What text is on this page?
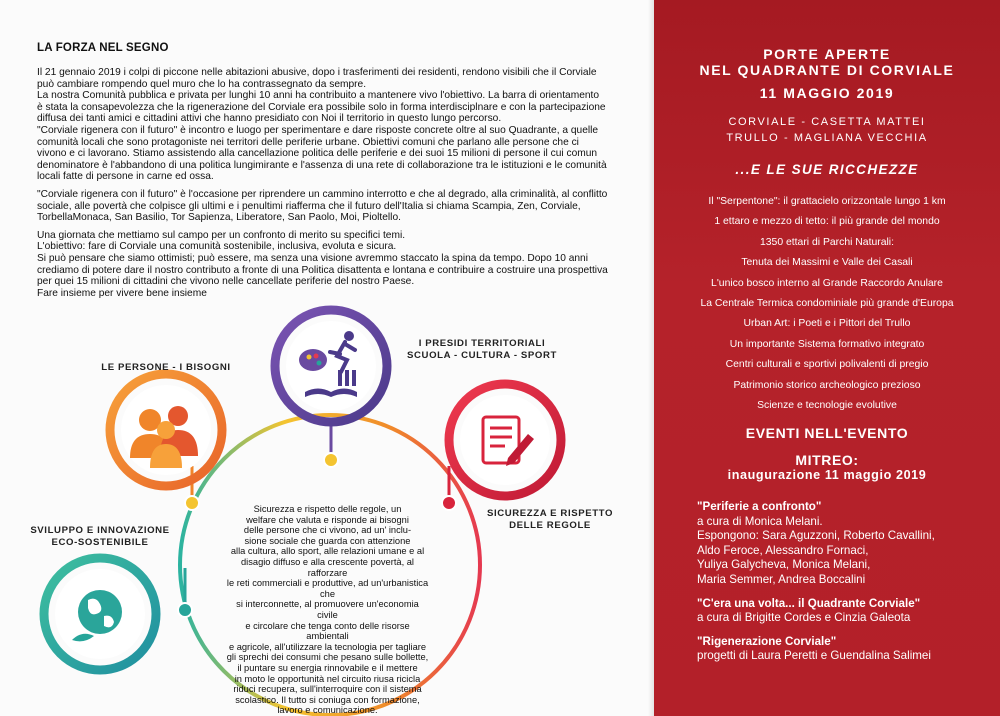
LA FORZA NEL SEGNO

Il 21 gennaio 2019 i colpi di piccone nelle abitazioni abusive, dopo i trasferimenti dei residenti, rendono visibili che il Corviale
può cambiare rompendo quel muro che lo ha contrassegnato da sempre.
La nostra Comunità pubblica e privata per lunghi 10 anni ha contribuito a mantenere vivo l'obiettivo. La barra di orientamento
è stata la consapevolezza che la rigenerazione del Corviale era possibile solo in forma interdisciplnare e con la partecipazione
diffusa dei tanti amici e cittadini attivi che hanno presidiato con Noi il territorio in questo lungo percorso.
"Corviale rigenera con il futuro" è incontro e luogo per sperimentare e dare risposte concrete oltre al suo Quadrante, a quelle
comunità locali che sono protagoniste nei territori delle periferie urbane. Obiettivi comuni che parlano alle persone che ci
vivono e ci lavorano. Stiamo assistendo alla cancellazione politica delle periferie e dei suoi 15 milioni di persone il cui comun
denominatore è l'abbandono di una politica lungimirante e l'assenza di una rete di collaborazione tra le istituzioni e le comunità
locali fatte di persone in carne ed ossa.

"Corviale rigenera con il futuro" è l'occasione per riprendere un cammino interrotto e che al degrado, alla criminalità, al conflitto
sociale, alle povertà che colpisce gli ultimi e i penultimi riafferma che il futuro dell'Italia si chiama Scampia, Zen, Corviale,
TorbellaMonaca, San Basilio, Tor Sapienza, Liberatore, San Paolo, Moi, Pioltello.

Una giornata che mettiamo sul campo per un confronto di merito su specifici temi.
L'obiettivo: fare di Corviale una comunità sostenibile, inclusiva, evoluta e sicura.
Si può pensare che siamo ottimisti; può essere, ma senza una visione avremmo staccato la spina da tempo. Dopo 10 anni
crediamo di potere dare il nostro contributo a fronte di una Politica disattenta e lontana e contribuire a costruire una prospettiva
per quei 15 milioni di cittadini che vivono nelle cancellate periferie del nostro Paese.
Fare insieme per vivere bene insieme

LE PERSONE - I BISOGNI
I PRESIDI TERRITORIALI
SCUOLA - CULTURA - SPORT
SICUREZZA E RISPETTO
DELLE REGOLE
SVILUPPO E INNOVAZIONE
ECO-SOSTENIBILE
Sicurezza e rispetto delle regole, un
welfare che valuta e risponde ai bisogni
delle persone che ci vivono, ad un' inclu-
sione sociale che guarda con attenzione
alla cultura, allo sport, alle relazioni umane e al
disagio diffuso e alla crescente povertà, al rafforzare
le reti commerciali e produttive, ad un'urbanistica che
si interconnette, al promuovere un'economia civile
e circolare che tenga conto delle risorse ambientali
e agricole, all'utilizzare la tecnologia per tagliare
gli sprechi dei consumi che pesano sulle bollette,
il puntare su energia rinnovabile e il mettere
in moto le opportunità nel circuito riusa ricicla
riduci recupera, sull'interroquire con il sistema
scolastico. Il tutto si coniuga con formazione,
lavoro e comunicazione.
PORTE APERTE
NEL QUADRANTE DI CORVIALE
11 MAGGIO 2019
CORVIALE - CASETTA MATTEI
TRULLO - MAGLIANA VECCHIA
...E LE SUE RICCHEZZE
Il "Serpentone": il grattacielo orizzontale lungo 1 km
1 ettaro e mezzo di tetto: il più grande del mondo
1350 ettari di Parchi Naturali:
Tenuta dei Massimi e Valle dei Casali
L'unico bosco interno al Grande Raccordo Anulare
La Centrale Termica condominiale più grande d'Europa
Urban Art: i Poeti e i Pittori del Trullo
Un importante Sistema formativo integrato
Centri culturali e sportivi polivalenti di pregio
Patrimonio storico archeologico prezioso
Scienze e tecnologie evolutive
EVENTI NELL'EVENTO
MITREO:
inaugurazione 11 maggio 2019
"Periferie a confronto"
a cura di Monica Melani.
Espongono: Sara Aguzzoni, Roberto Cavallini,
Aldo Feroce, Alessandro Fornaci,
Yuliya Galycheva, Monica Melani,
Maria Semmer, Andrea Boccalini
"C'era una volta... il Quadrante Corviale"
a cura di Brigitte Cordes e Cinzia Galeota
"Rigenerazione Corviale"
progetti di Laura Peretti e Guendalina Salimei
